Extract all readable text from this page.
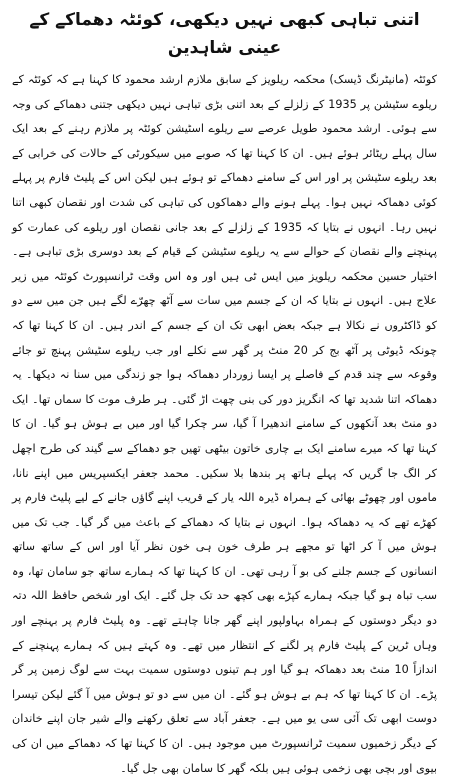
اتنی تباہی کبھی نہیں دیکھی، کوئٹہ دھماکے کے عینی شاہدین

کوئٹہ (مانیٹرنگ ڈیسک) محکمہ ریلویز کے سابق ملازم ارشد محمود کا کہنا ہے کہ کوئٹہ کے ریلوے سٹیشن پر 1935 کے زلزلے کے بعد اتنی بڑی تباہی نہیں دیکھی جتنی دھماکے کی وجہ سے ہوئی۔ ارشد محمود طویل عرصے سے ریلوے اسٹیشن کوئٹہ پر ملازم رہنے کے بعد ایک سال پہلے ریٹائر ہوئے ہیں۔ ان کا کہنا تھا کہ صوبے میں سیکورٹی کے حالات کی خرابی کے بعد ریلوے سٹیشن پر اور اس کے سامنے دھماکے تو ہوئے ہیں لیکن اس کے پلیٹ فارم پر پہلے کوئی دھماکہ نہیں ہوا۔ پہلے ہونے والے دھماکوں کی تباہی کی شدت اور نقصان کبھی اتنا نہیں رہا۔ انہوں نے بتایا کہ 1935 کے زلزلے کے بعد جانی نقصان اور ریلوے کی عمارت کو پہنچنے والے نقصان کے حوالے سے یہ ریلوے سٹیشن کے قیام کے بعد دوسری بڑی تباہی ہے۔ اختیار حسین محکمہ ریلویز میں ایس ٹی ہیں اور وہ اس وقت ٹرانسپورٹ کوئٹہ میں زیر علاج ہیں۔ انہوں نے بتایا کہ ان کے جسم میں سات سے آٹھ چھرّے لگے ہیں جن میں سے دو کو ڈاکٹروں نے نکالا ہے جبکہ بعض ابھی تک ان کے جسم کے اندر ہیں۔ ان کا کہنا تھا کہ چونکہ ڈیوٹی پر آٹھ بج کر 20 منٹ پر گھر سے نکلے اور جب ریلوے سٹیشن پہنچ تو جائے وقوعہ سے چند قدم کے فاصلے پر ایسا زوردار دھماکہ ہوا جو زندگی میں سنا نہ دیکھا۔ یہ دھماکہ اتنا شدید تھا کہ انگریز دور کی بنی چھت اڑ گئی۔ ہر طرف موت کا سماں تھا۔ ایک دو منٹ بعد آنکھوں کے سامنے اندھیرا آ گیا، سر چکرا گیا اور میں بے ہوش ہو گیا۔ ان کا کہنا تھا کہ میرے سامنے ایک بے چاری خاتون بیٹھی تھیں جو دھماکے سے گیند کی طرح اچھل کر الگ جا گریں کہ پہلے ہاتھ پر بندھا بلا سکیں۔ محمد جعفر ایکسپریس میں اپنے نانا، ماموں اور چھوٹے بھائی کے ہمراہ ڈیرہ اللہ یار کے قریب اپنے گاؤں جانے کے لیے پلیٹ فارم پر کھڑے تھے کہ یہ دھماکہ ہوا۔ انہوں نے بتایا کہ دھماکے کے باعث میں گر گیا۔ جب تک میں ہوش میں آ کر اٹھا تو مجھے ہر طرف خون ہی خون نظر آیا اور اس کے ساتھ ساتھ انسانوں کے جسم جلنے کی بو آ رہی تھی۔ ان کا کہنا تھا کہ ہمارے ساتھ جو سامان تھا، وہ سب تباہ ہو گیا جبکہ ہمارے کپڑے بھی کچھ حد تک جل گئے۔ ایک اور شخص حافظ اللہ دتہ دو دیگر دوستوں کے ہمراہ بہاولپور اپنے گھر جانا چاہتے تھے۔ وہ پلیٹ فارم پر بہنچے اور وہاں ٹرین کے پلیٹ فارم پر لگنے کے انتظار میں تھے۔ وہ کہتے ہیں کہ ہمارے پہنچنے کے اندازاً 10 منٹ بعد دھماکہ ہو گیا اور ہم تینوں دوستوں سمیت بہت سے لوگ زمین پر گر پڑے۔ ان کا کہنا تھا کہ ہم بے ہوش ہو گئے۔ ان میں سے دو تو ہوش میں آ گئے لیکن تیسرا دوست ابھی تک آئی سی یو میں ہے۔ جعفر آباد سے تعلق رکھنے والے شیر جان اپنے خاندان کے دیگر زخمیوں سمیت ٹرانسپورٹ میں موجود ہیں۔ ان کا کہنا تھا کہ دھماکے میں ان کی بیوی اور بچی بھی زخمی ہوئی ہیں بلکہ گھر کا سامان بھی جل گیا۔
